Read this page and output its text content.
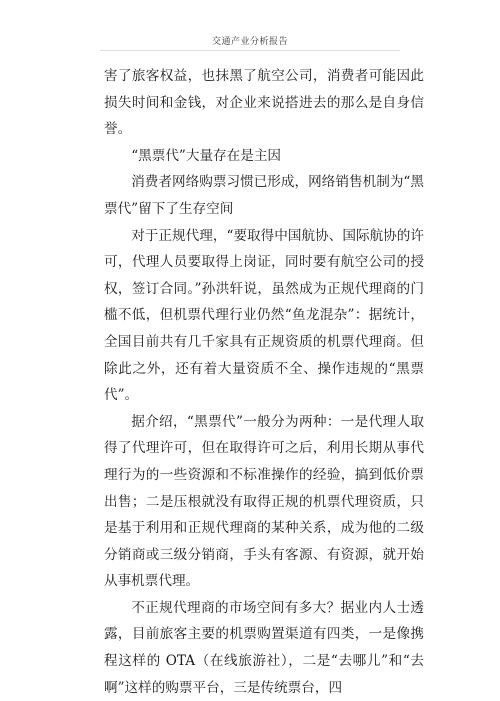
交通产业分析报告

害了旅客权益，也抹黑了航空公司，消费者可能因此损失时间和金钱，对企业来说搭进去的那么是自身信誉。

“黑票代”大量存在是主因

消费者网络购票习惯已形成，网络销售机制为“黑票代”留下了生存空间

对于正规代理，“要取得中国航协、国际航协的许可，代理人员要取得上岗证，同时要有航空公司的授权，签订合同。”孙洪轩说，虽然成为正规代理商的门槛不低，但机票代理行业仍然“鱼龙混杂”：据统计，全国目前共有几千家具有正规资质的机票代理商。但除此之外，还有着大量资质不全、操作违规的“黑票代”。

据介绍，“黑票代”一般分为两种：一是代理人取得了代理许可，但在取得许可之后，利用长期从事代理行为的一些资源和不标准操作的经验，搞到低价票出售；二是压根就没有取得正规的机票代理资质，只是基于利用和正规代理商的某种关系，成为他的二级分销商或三级分销商，手头有客源、有资源，就开始从事机票代理。

不正规代理商的市场空间有多大？据业内人士透露，目前旅客主要的机票购置渠道有四类，一是像携程这样的 OTA（在线旅游社），二是“去哪儿”和“去啊”这样的购票平台，三是传统票台，四
